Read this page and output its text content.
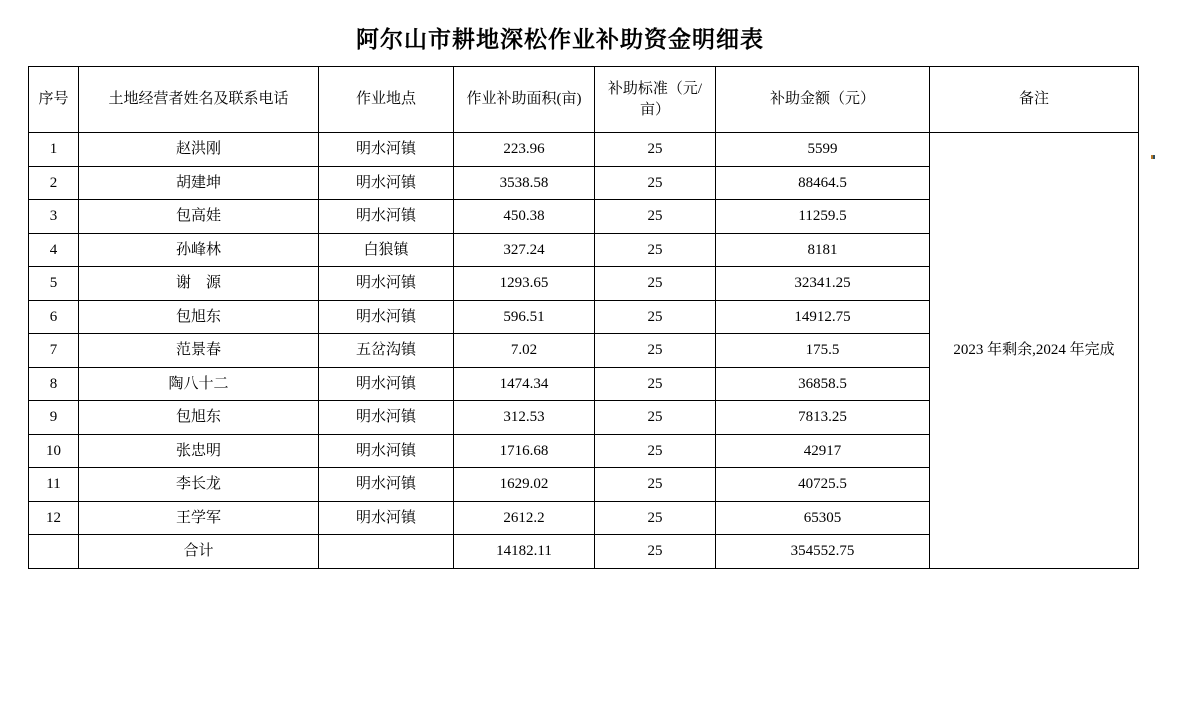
阿尔山市耕地深松作业补助资金明细表
序号	土地经营者姓名及联系电话	作业地点	作业补助面积(亩)	补助标准（元/亩）	补助金额（元）	备注
1	赵洪刚	明水河镇	223.96	25	5599	2023 年剩余,2024 年完成
2	胡建坤	明水河镇	3538.58	25	88464.5	
3	包高娃	明水河镇	450.38	25	11259.5	
4	孙峰林	白狼镇	327.24	25	8181	
5	谢　源	明水河镇	1293.65	25	32341.25	
6	包旭东	明水河镇	596.51	25	14912.75	
7	范景春	五岔沟镇	7.02	25	175.5	
8	陶八十二	明水河镇	1474.34	25	36858.5	
9	包旭东	明水河镇	312.53	25	7813.25	
10	张忠明	明水河镇	1716.68	25	42917	
11	李长龙	明水河镇	1629.02	25	40725.5	
12	王学军	明水河镇	2612.2	25	65305	
	合计		14182.11	25	354552.75	
